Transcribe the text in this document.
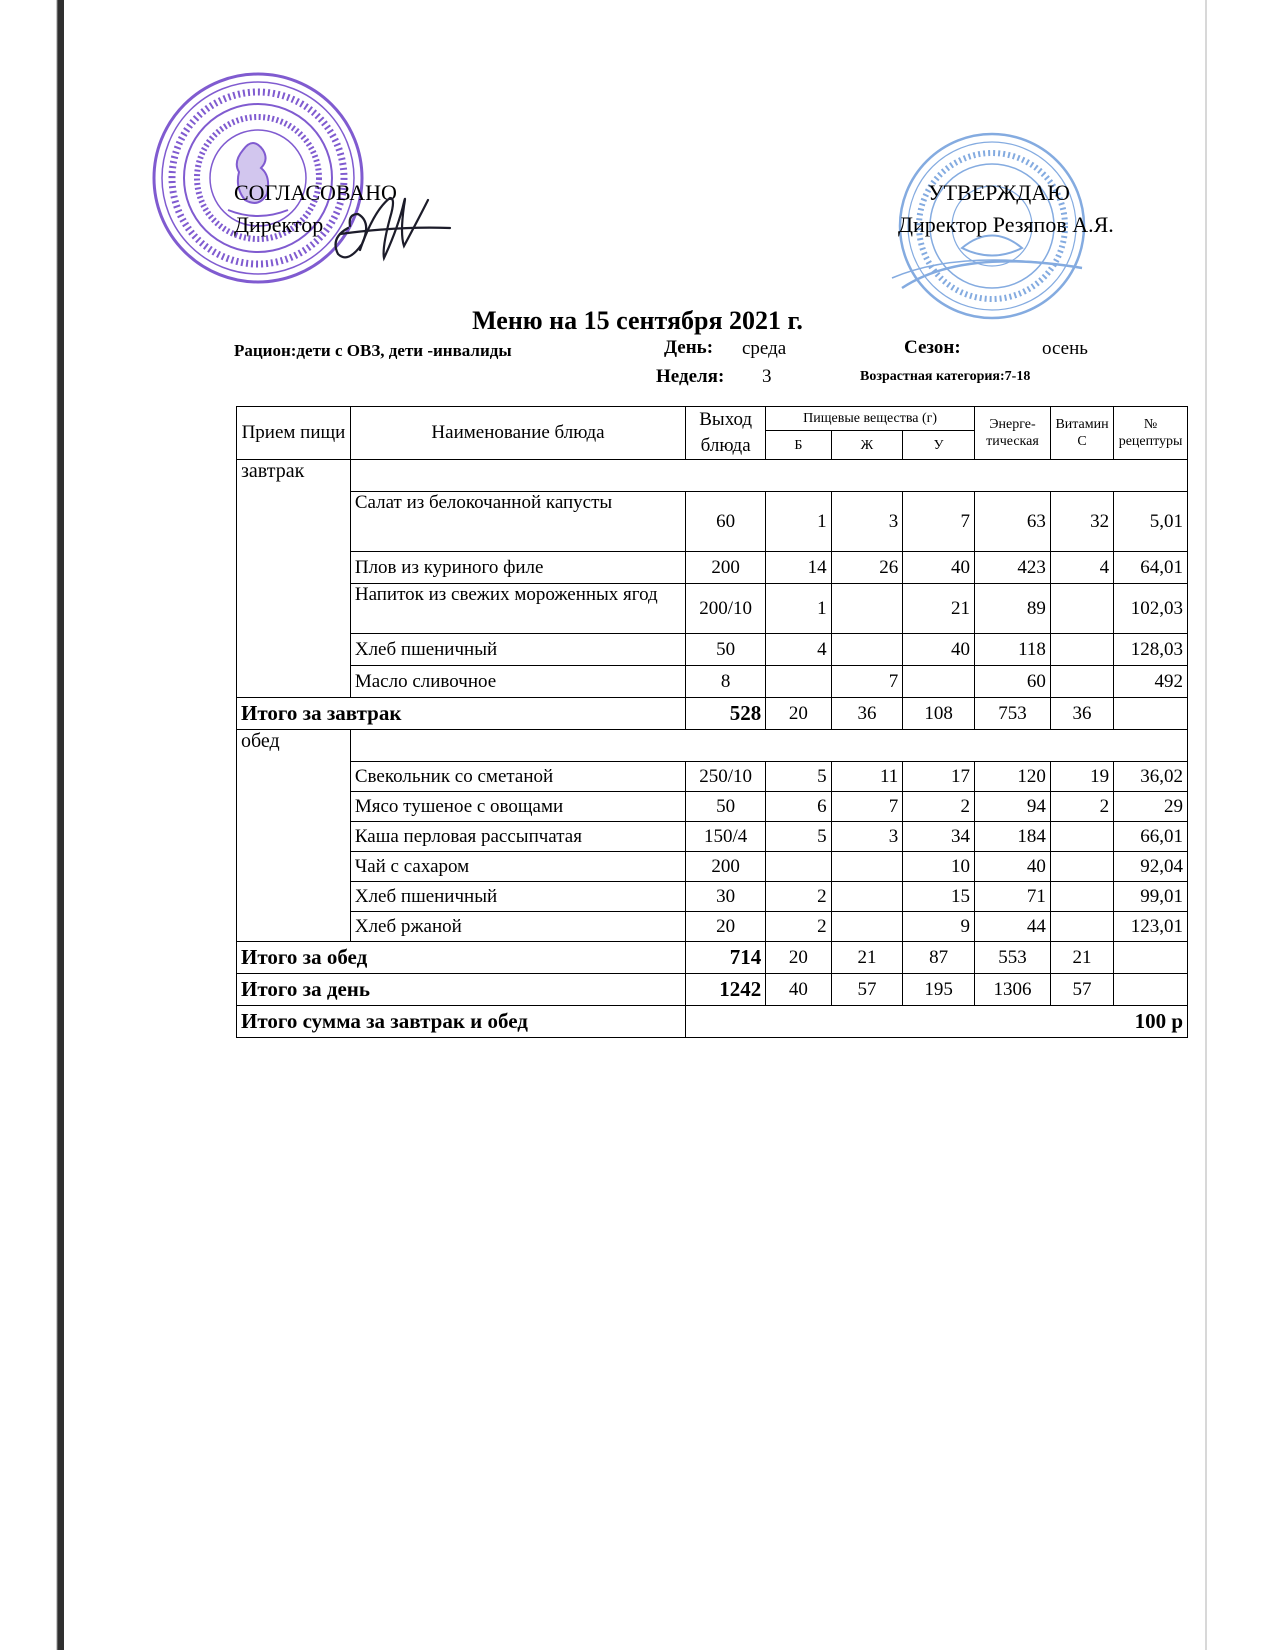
СОГЛАСОВАНО
Директор
УТВЕРЖДАЮ
Директор Резяпов А.Я.
Меню на 15 сентября 2021 г.
Рацион:дети с ОВЗ, дети -инвалиды	День: среда	Сезон:	осень
Неделя: 3	Возрастная категория:7-18
Прием пищи	Наименование блюда	Выход блюда	Пищевые вещества (г)			Энерге-тическая	Витамин С	№ рецептуры
			Б	Ж	У			
завтрак								
	Салат из белокочанной капусты	60	1	3	7	63	32	5,01
	Плов из куриного филе	200	14	26	40	423	4	64,01
	Напиток из свежих мороженных ягод	200/10	1		21	89		102,03
	Хлеб пшеничный	50	4		40	118		128,03
	Масло сливочное	8		7		60		492
Итого за завтрак		528	20	36	108	753	36	
обед								
	Свекольник со сметаной	250/10	5	11	17	120	19	36,02
	Мясо тушеное с овощами	50	6	7	2	94	2	29
	Каша перловая рассыпчатая	150/4	5	3	34	184		66,01
	Чай с сахаром	200			10	40		92,04
	Хлеб пшеничный	30	2		15	71		99,01
	Хлеб ржаной	20	2		9	44		123,01
Итого за обед		714	20	21	87	553	21	
Итого за день		1242	40	57	195	1306	57	
Итого сумма за завтрак и обед		100 р						
